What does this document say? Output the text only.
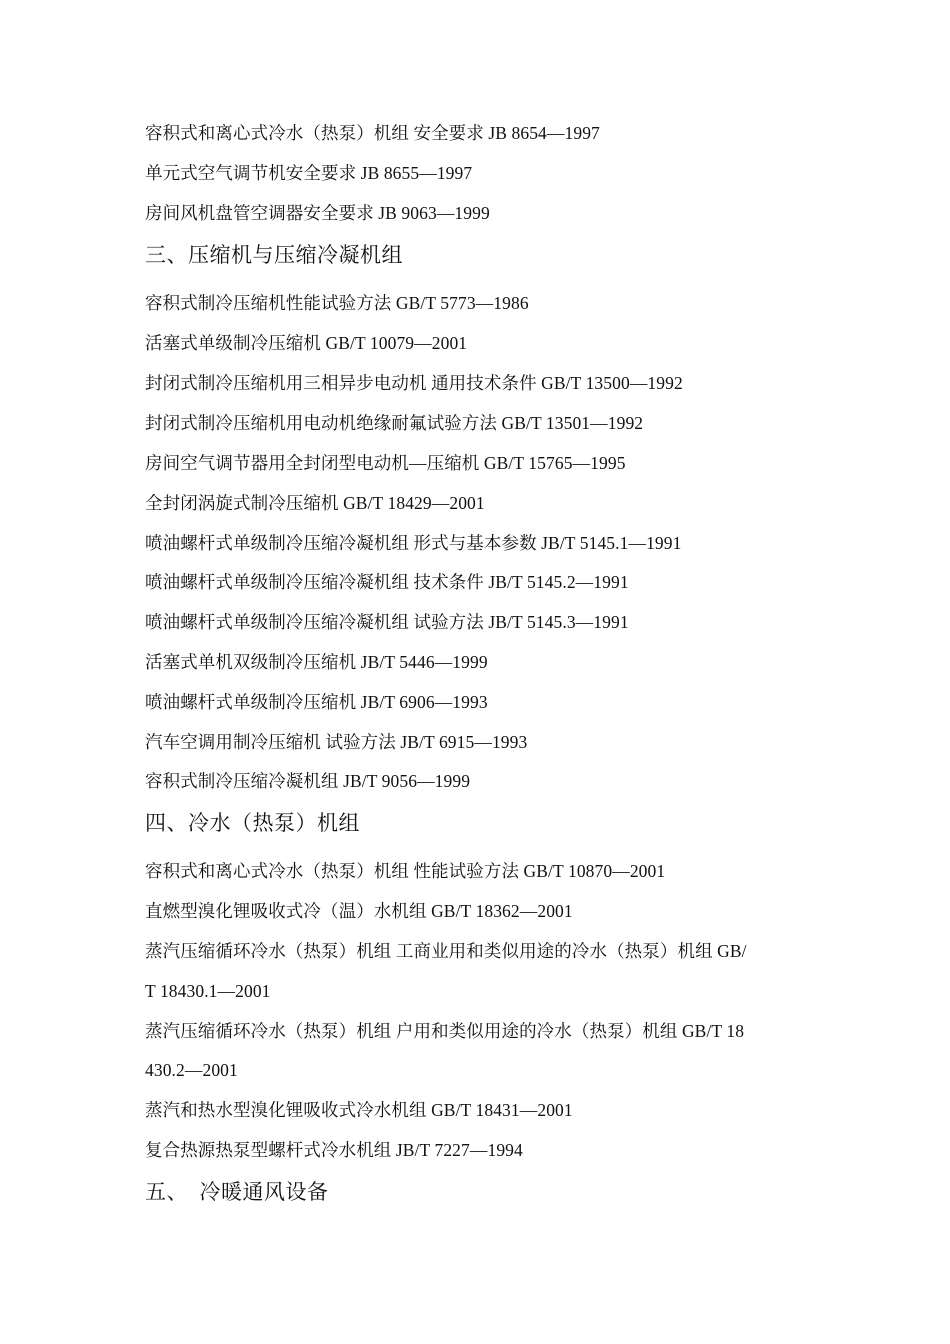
容积式和离心式冷水（热泵）机组 安全要求 JB 8654—1997
单元式空气调节机安全要求 JB 8655—1997
房间风机盘管空调器安全要求 JB 9063—1999
三、压缩机与压缩冷凝机组
容积式制冷压缩机性能试验方法 GB/T 5773—1986
活塞式单级制冷压缩机 GB/T 10079—2001
封闭式制冷压缩机用三相异步电动机 通用技术条件 GB/T 13500—1992
封闭式制冷压缩机用电动机绝缘耐氟试验方法 GB/T 13501—1992
房间空气调节器用全封闭型电动机—压缩机 GB/T 15765—1995
全封闭涡旋式制冷压缩机 GB/T 18429—2001
喷油螺杆式单级制冷压缩冷凝机组 形式与基本参数 JB/T 5145.1—1991
喷油螺杆式单级制冷压缩冷凝机组 技术条件 JB/T 5145.2—1991
喷油螺杆式单级制冷压缩冷凝机组 试验方法 JB/T 5145.3—1991
活塞式单机双级制冷压缩机 JB/T 5446—1999
喷油螺杆式单级制冷压缩机 JB/T 6906—1993
汽车空调用制冷压缩机 试验方法 JB/T 6915—1993
容积式制冷压缩冷凝机组 JB/T 9056—1999
四、冷水（热泵）机组
容积式和离心式冷水（热泵）机组 性能试验方法 GB/T 10870—2001
直燃型溴化锂吸收式冷（温）水机组 GB/T 18362—2001
蒸汽压缩循环冷水（热泵）机组 工商业用和类似用途的冷水（热泵）机组 GB/
T 18430.1—2001
蒸汽压缩循环冷水（热泵）机组 户用和类似用途的冷水（热泵）机组 GB/T 18
430.2—2001
蒸汽和热水型溴化锂吸收式冷水机组 GB/T 18431—2001
复合热源热泵型螺杆式冷水机组 JB/T 7227—1994
五、  冷暖通风设备
